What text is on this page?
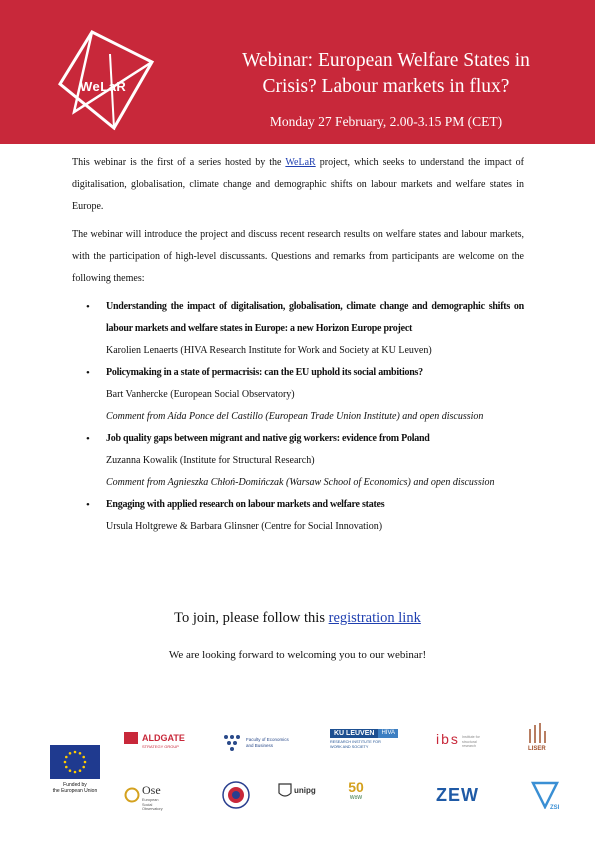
WeLaR
Webinar: European Welfare States in
Crisis? Labour markets in flux?
Monday 27 February, 2.00-3.15 PM (CET)

This webinar is the first of a series hosted by the WeLaR project, which seeks to understand the impact of digitalisation, globalisation, climate change and demographic shifts on labour markets and welfare states in Europe.

The webinar will introduce the project and discuss recent research results on welfare states and labour markets, with the participation of high-level discussants. Questions and remarks from participants are welcome on the following themes:

• Understanding the impact of digitalisation, globalisation, climate change and demographic shifts on labour markets and welfare states in Europe: a new Horizon Europe project
Karolien Lenaerts (HIVA Research Institute for Work and Society at KU Leuven)
• Policymaking in a state of permacrisis: can the EU uphold its social ambitions?
Bart Vanhercke (European Social Observatory)
Comment from Aída Ponce del Castillo (European Trade Union Institute) and open discussion
• Job quality gaps between migrant and native gig workers: evidence from Poland
Zuzanna Kowalik (Institute for Structural Research)
Comment from Agnieszka Chłoń-Domińczak (Warsaw School of Economics) and open discussion
• Engaging with applied research on labour markets and welfare states
Ursula Holtgrewe & Barbara Glinsner (Centre for Social Innovation)
To join, please follow this registration link
We are looking forward to welcoming you to our webinar!
Funded by
the European Union
ALDGATE
STRATEGY GROUP
Faculty of Economics
and Business
KU LEUVEN	HIVA
RESEARCH INSTITUTE FOR
WORK AND SOCIETY	ibs Institute for structural research	LISER
Ose
European
Social
Observatory
unipg	50
WöW	ZEW
ZSI
